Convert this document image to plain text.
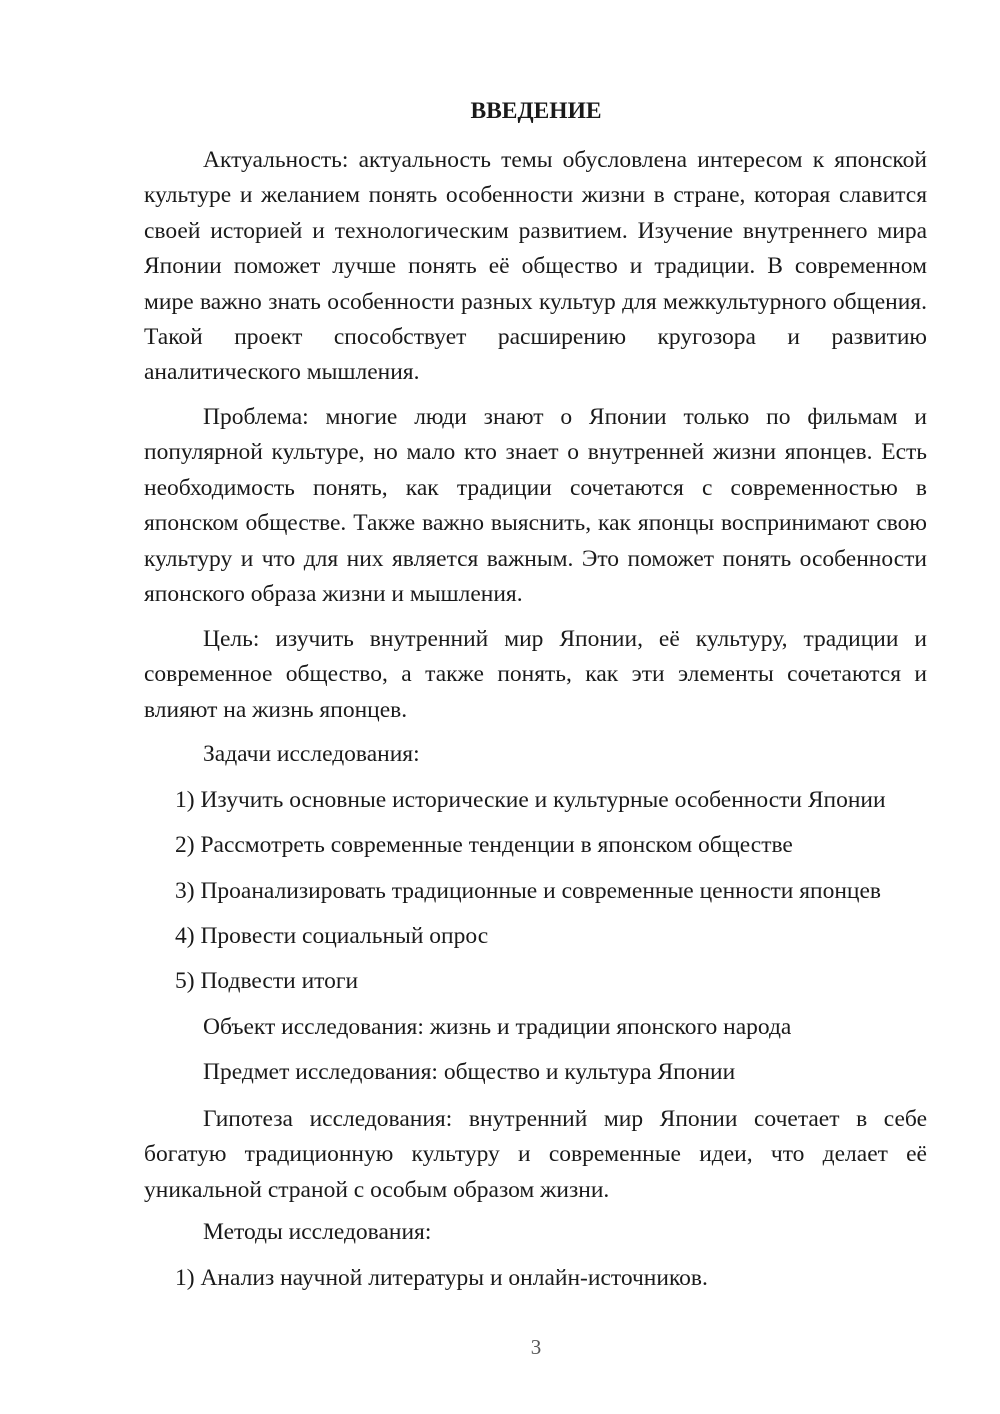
ВВЕДЕНИЕ

Актуальность: актуальность темы обусловлена интересом к японской культуре и желанием понять особенности жизни в стране, которая славится своей историей и технологическим развитием. Изучение внутреннего мира Японии поможет лучше понять её общество и традиции. В современном мире важно знать особенности разных культур для межкультурного общения. Такой проект способствует расширению кругозора и развитию аналитического мышления.

Проблема: многие люди знают о Японии только по фильмам и популярной культуре, но мало кто знает о внутренней жизни японцев. Есть необходимость понять, как традиции сочетаются с современностью в японском обществе. Также важно выяснить, как японцы воспринимают свою культуру и что для них является важным. Это поможет понять особенности японского образа жизни и мышления.

Цель: изучить внутренний мир Японии, её культуру, традиции и современное общество, а также понять, как эти элементы сочетаются и влияют на жизнь японцев.

Задачи исследования:

1) Изучить основные исторические и культурные особенности Японии

2) Рассмотреть современные тенденции в японском обществе

3) Проанализировать традиционные и современные ценности японцев

4) Провести социальный опрос

5) Подвести итоги

Объект исследования: жизнь и традиции японского народа

Предмет исследования: общество и культура Японии

Гипотеза исследования: внутренний мир Японии сочетает в себе богатую традиционную культуру и современные идеи, что делает её уникальной страной с особым образом жизни.

Методы исследования:

1) Анализ научной литературы и онлайн-источников.

3
